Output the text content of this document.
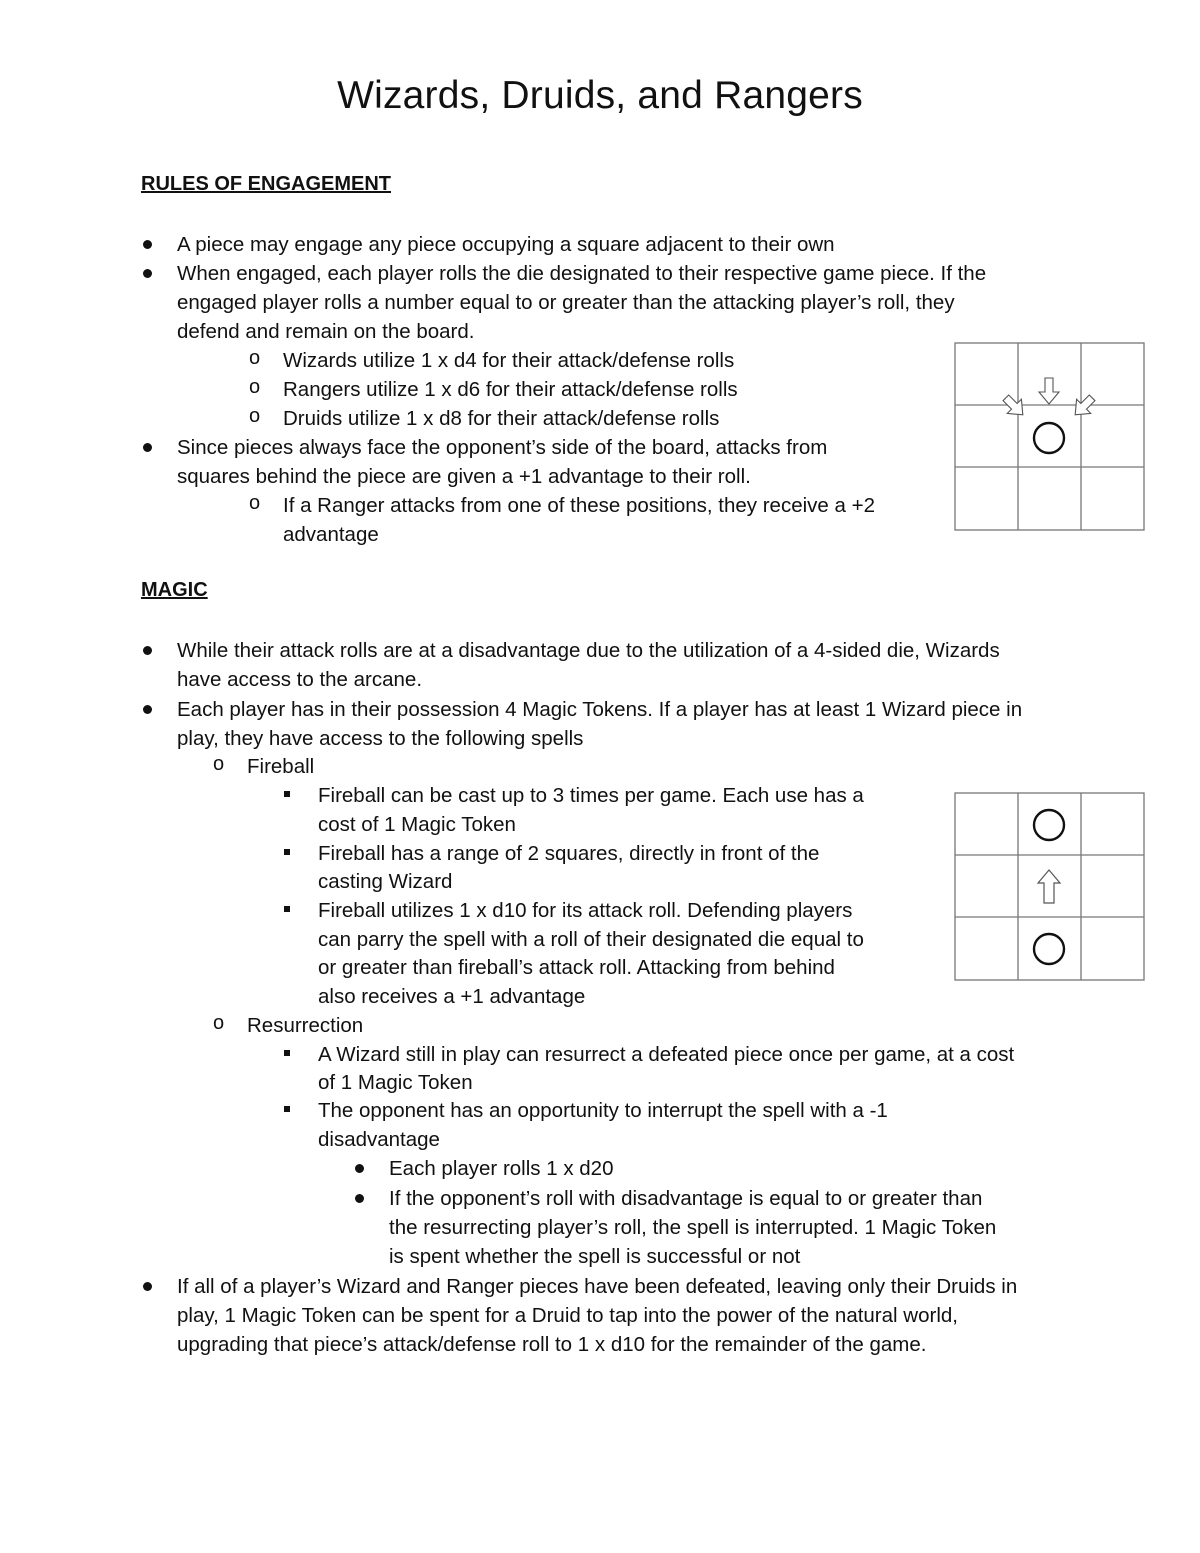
Wizards, Druids, and Rangers
RULES OF ENGAGEMENT
A piece may engage any piece occupying a square adjacent to their own
When engaged, each player rolls the die designated to their respective game piece. If the
engaged player rolls a number equal to or greater than the attacking player’s roll, they
defend and remain on the board.
o Wizards utilize 1 x d4 for their attack/defense rolls
o Rangers utilize 1 x d6 for their attack/defense rolls
o Druids utilize 1 x d8 for their attack/defense rolls
Since pieces always face the opponent’s side of the board, attacks from
squares behind the piece are given a +1 advantage to their roll.
o If a Ranger attacks from one of these positions, they receive a +2
advantage
MAGIC
While their attack rolls are at a disadvantage due to the utilization of a 4-sided die, Wizards
have access to the arcane.
Each player has in their possession 4 Magic Tokens. If a player has at least 1 Wizard piece in
play, they have access to the following spells
o Fireball
Fireball can be cast up to 3 times per game. Each use has a
cost of 1 Magic Token
Fireball has a range of 2 squares, directly in front of the
casting Wizard
Fireball utilizes 1 x d10 for its attack roll. Defending players
can parry the spell with a roll of their designated die equal to
or greater than fireball’s attack roll. Attacking from behind
also receives a +1 advantage
o Resurrection
A Wizard still in play can resurrect a defeated piece once per game, at a cost
of 1 Magic Token
The opponent has an opportunity to interrupt the spell with a -1
disadvantage
Each player rolls 1 x d20
If the opponent’s roll with disadvantage is equal to or greater than
the resurrecting player’s roll, the spell is interrupted. 1 Magic Token
is spent whether the spell is successful or not
If all of a player’s Wizard and Ranger pieces have been defeated, leaving only their Druids in
play, 1 Magic Token can be spent for a Druid to tap into the power of the natural world,
upgrading that piece’s attack/defense roll to 1 x d10 for the remainder of the game.
